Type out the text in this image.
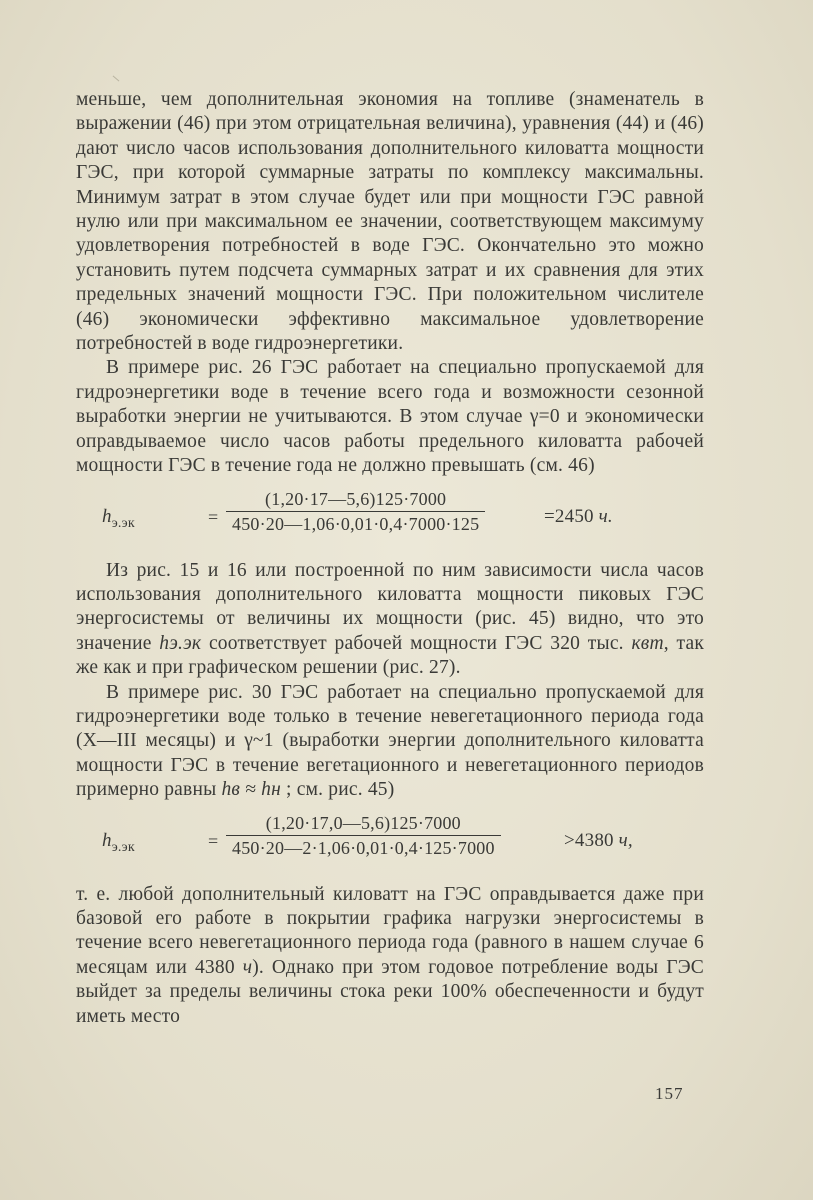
меньше, чем дополнительная экономия на топливе (знаменатель в выражении (46) при этом отрицательная величина), уравнения (44) и (46) дают число часов использования дополнительного киловатта мощности ГЭС, при которой суммарные затраты по комплексу максимальны. Минимум затрат в этом случае будет или при мощности ГЭС равной нулю или при максимальном ее значении, соответствующем максимуму удовлетворения потребностей в воде ГЭС. Окончательно это можно установить путем подсчета суммарных затрат и их сравнения для этих предельных значений мощности ГЭС. При положительном числителе (46) экономически эффективно максимальное удовлетворение потребностей в воде гидроэнергетики.

В примере рис. 26 ГЭС работает на специально пропускаемой для гидроэнергетики воде в течение всего года и возможности сезонной выработки энергии не учитываются. В этом случае γ=0 и экономически оправдываемое число часов работы предельного киловатта рабочей мощности ГЭС в течение года не должно превышать (см. 46)

$h_{э.эк}$	= $\frac{(1,20\cdot 17—5,6)125\cdot 7000}{450\cdot 20—1,06\cdot 0,01\cdot 0,4\cdot 7000\cdot 125}$	=2450 ч.

Из рис. 15 и 16 или построенной по ним зависимости числа часов использования дополнительного киловатта мощности пиковых ГЭС энергосистемы от величины их мощности (рис. 45) видно, что это значение hэ.эк соответствует рабочей мощности ГЭС 320 тыс. квт, так же как и при графическом решении (рис. 27).

В примере рис. 30 ГЭС работает на специально пропускаемой для гидроэнергетики воде только в течение невегетационного периода года (X—III месяцы) и γ~1 (выработки энергии дополнительного киловатта мощности ГЭС в течение вегетационного и невегетационного периодов примерно равны hв ≈ hн ; см. рис. 45)

$h_{э.эк}$	= $\frac{(1,20\cdot 17,0—5,6)125\cdot 7000}{450\cdot 20—2\cdot 1,06\cdot 0,01\cdot 0,4\cdot 125\cdot 7000}$	>4380 ч,

т. е. любой дополнительный киловатт на ГЭС оправдывается даже при базовой его работе в покрытии графика нагрузки энергосистемы в течение всего невегетационного периода года (равного в нашем случае 6 месяцам или 4380 ч). Однако при этом годовое потребление воды ГЭС выйдет за пределы величины стока реки 100% обеспеченности и будут иметь место

157
